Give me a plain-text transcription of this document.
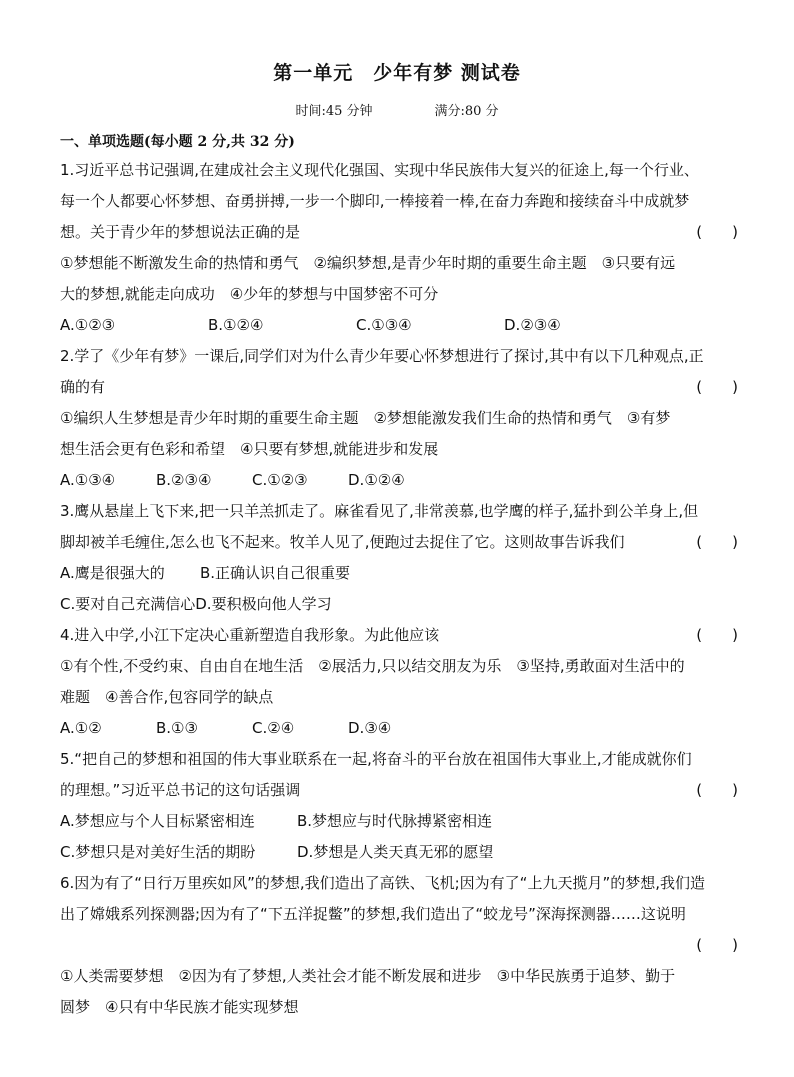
第一单元　少年有梦 测试卷
时间:45 分钟	满分:80 分
一、单项选题(每小题 2 分,共 32 分)
1.习近平总书记强调,在建成社会主义现代化强国、实现中华民族伟大复兴的征途上,每一个行业、
每一个人都要心怀梦想、奋勇拼搏,一步一个脚印,一棒接着一棒,在奋力奔跑和接续奋斗中成就梦
想。关于青少年的梦想说法正确的是	(　　)
①梦想能不断激发生命的热情和勇气　②编织梦想,是青少年时期的重要生命主题　③只要有远
大的梦想,就能走向成功　④少年的梦想与中国梦密不可分
A.①②③	B.①②④	C.①③④	D.②③④
2.学了《少年有梦》一课后,同学们对为什么青少年要心怀梦想进行了探讨,其中有以下几种观点,正
确的有	(　　)
①编织人生梦想是青少年时期的重要生命主题　②梦想能激发我们生命的热情和勇气　③有梦
想生活会更有色彩和希望　④只要有梦想,就能进步和发展
A.①③④	B.②③④	C.①②③	D.①②④
3.鹰从悬崖上飞下来,把一只羊羔抓走了。麻雀看见了,非常羡慕,也学鹰的样子,猛扑到公羊身上,但
脚却被羊毛缠住,怎么也飞不起来。牧羊人见了,便跑过去捉住了它。这则故事告诉我们	(　　)
A.鹰是很强大的 B.正确认识自己很重要
C.要对自己充满信心D.要积极向他人学习
4.进入中学,小江下定决心重新塑造自我形象。为此他应该	(　　)
①有个性,不受约束、自由自在地生活　②展活力,只以结交朋友为乐　③坚持,勇敢面对生活中的
难题　④善合作,包容同学的缺点
A.①②	B.①③	C.②④	D.③④
5.“把自己的梦想和祖国的伟大事业联系在一起,将奋斗的平台放在祖国伟大事业上,才能成就你们
的理想。”习近平总书记的这句话强调	(　　)
A.梦想应与个人目标紧密相连	B.梦想应与时代脉搏紧密相连
C.梦想只是对美好生活的期盼	D.梦想是人类天真无邪的愿望
6.因为有了“日行万里疾如风”的梦想,我们造出了高铁、飞机;因为有了“上九天揽月”的梦想,我们造
出了嫦娥系列探测器;因为有了“下五洋捉鳖”的梦想,我们造出了“蛟龙号”深海探测器……这说明
(　　)
①人类需要梦想　②因为有了梦想,人类社会才能不断发展和进步　③中华民族勇于追梦、勤于
圆梦　④只有中华民族才能实现梦想
